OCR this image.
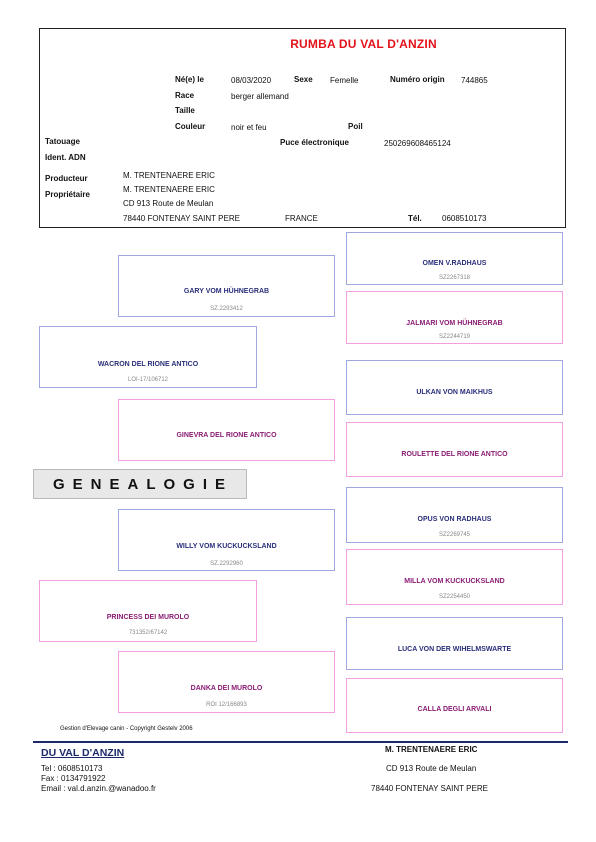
RUMBA DU VAL D'ANZIN
Né(e) le	08/03/2020	Sexe Femelle	Numéro origin 744865
Race	berger allemand
Taille
Couleur	noir et feu	Poil
Tatouage	Puce électronique	250269608465124
Ident. ADN
Producteur	M. TRENTENAERE ERIC
Propriétaire
M. TRENTENAERE ERIC
CD 913 Route de Meulan
78440 FONTENAY SAINT PERE	FRANCE	Tél.	0608510173
WACRON DEL RIONE ANTICO
LOI-17/106712
PRINCESS DEI MUROLO
731352/67142
GARY VOM HÜHNEGRAB
SZ.2293412
GINEVRA DEL RIONE ANTICO
WILLY VOM KUCKUCKSLAND
SZ.2292960
DANKA DEI MUROLO
ROI 12/166893
OMEN V.RADHAUS
SZ2267318
JALMARI VOM HÜHNEGRAB
SZ2244719
ULKAN VON MAIKHUS
ROULETTE DEL RIONE ANTICO
OPUS VON RADHAUS
SZ2269745
MILLA VOM KUCKUCKSLAND
SZ2254450
LUCA VON DER WIHELMSWARTE
CALLA DEGLI ARVALI
GENEALOGIE
Gestion d'Elevage canin - Copyright Gestelv 2006
DU VAL D'ANZIN
Tel : 0608510173
Fax : 0134791922
Email : val.d.anzin.@wanadoo.fr
M. TRENTENAERE ERIC
CD 913 Route de Meulan
78440 FONTENAY SAINT PERE
